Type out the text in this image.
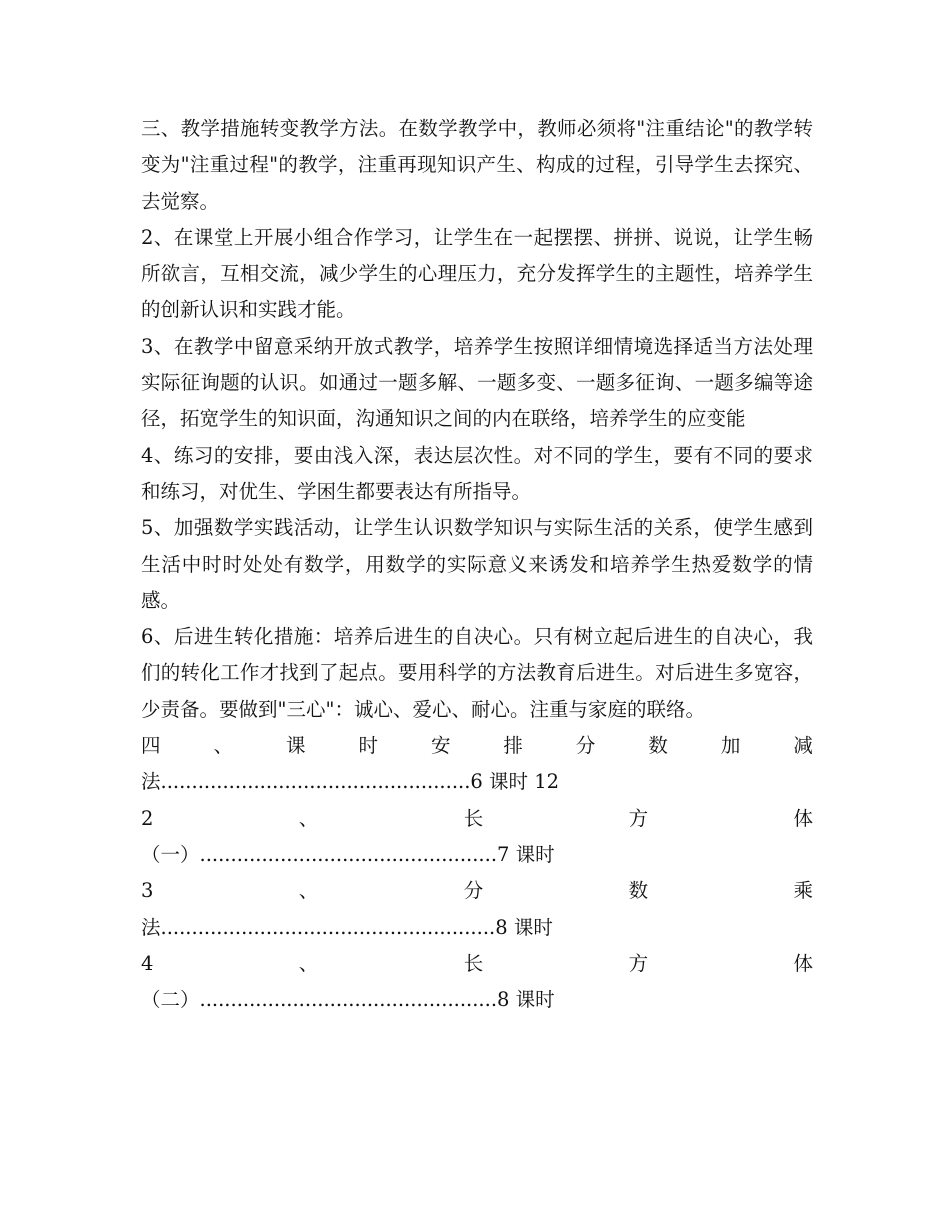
三、教学措施转变教学方法。在数学教学中，教师必须将"注重结论"的教学转变为"注重过程"的教学，注重再现知识产生、构成的过程，引导学生去探究、去觉察。

2、在课堂上开展小组合作学习，让学生在一起摆摆、拼拼、说说，让学生畅所欲言，互相交流，减少学生的心理压力，充分发挥学生的主题性，培养学生的创新认识和实践才能。

3、在教学中留意采纳开放式教学，培养学生按照详细情境选择适当方法处理实际征询题的认识。如通过一题多解、一题多变、一题多征询、一题多编等途径，拓宽学生的知识面，沟通知识之间的内在联络，培养学生的应变能

4、练习的安排，要由浅入深，表达层次性。对不同的学生，要有不同的要求和练习，对优生、学困生都要表达有所指导。

5、加强数学实践活动，让学生认识数学知识与实际生活的关系，使学生感到生活中时时处处有数学，用数学的实际意义来诱发和培养学生热爱数学的情感。

6、后进生转化措施：培养后进生的自决心。只有树立起后进生的自决心，我们的转化工作才找到了起点。要用科学的方法教育后进生。对后进生多宽容，少责备。要做到"三心"：诚心、爱心、耐心。注重与家庭的联络。

四	、	课	时	安	排	分	数	加	减

法..................................................6 课时 12

2	、	长	方	体

（一）................................................7 课时

3	、	分	数	乘

法......................................................8 课时

4	、	长	方	体

（二）................................................8 课时
